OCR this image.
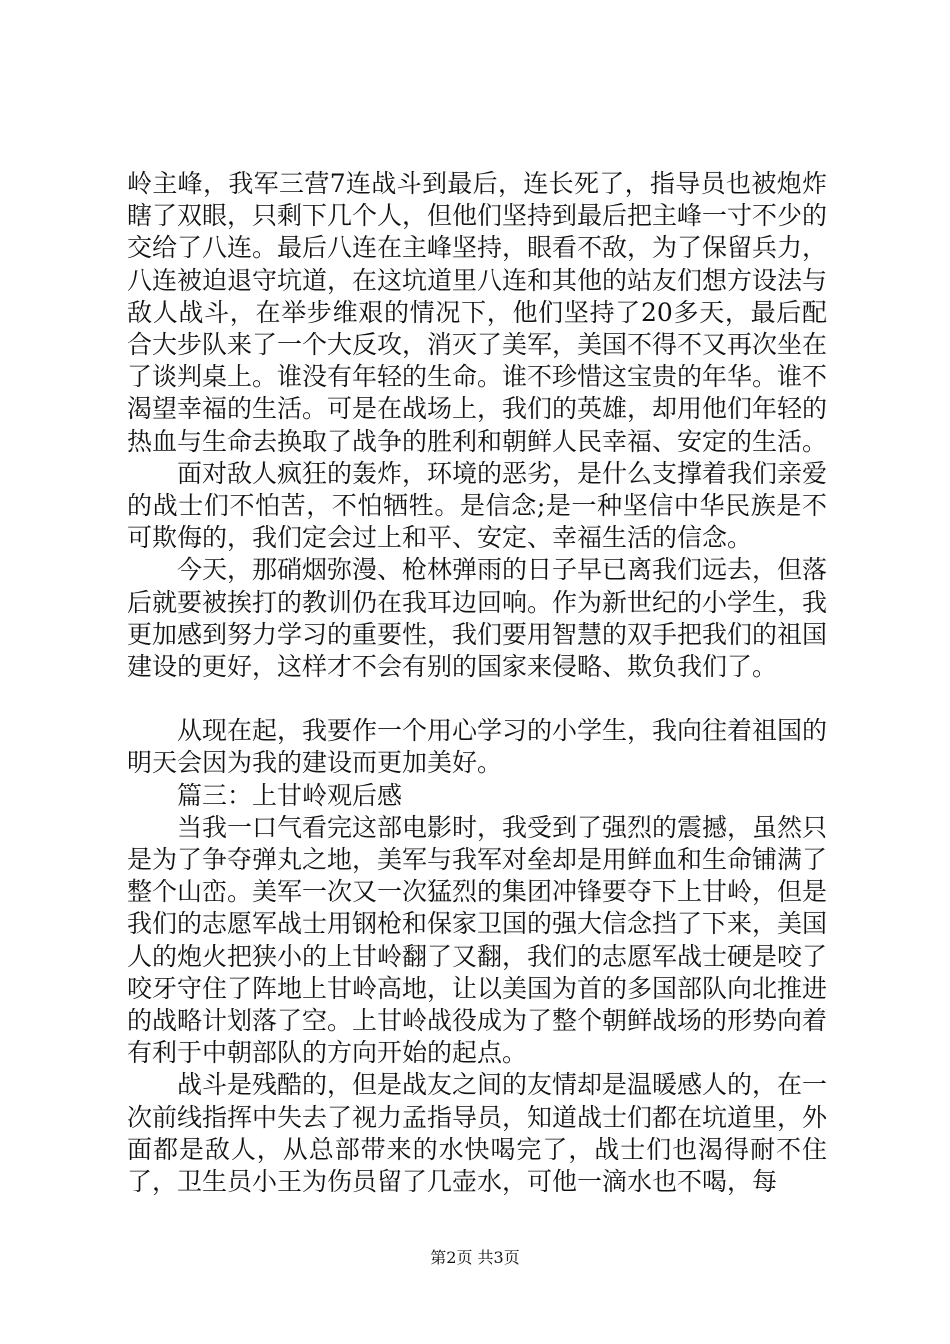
岭主峰，我军三营7连战斗到最后，连长死了，指导员也被炮炸瞎了双眼，只剩下几个人，但他们坚持到最后把主峰一寸不少的交给了八连。最后八连在主峰坚持，眼看不敌，为了保留兵力，八连被迫退守坑道，在这坑道里八连和其他的站友们想方设法与敌人战斗，在举步维艰的情况下，他们坚持了20多天，最后配合大步队来了一个大反攻，消灭了美军，美国不得不又再次坐在了谈判桌上。谁没有年轻的生命。谁不珍惜这宝贵的年华。谁不渴望幸福的生活。可是在战场上，我们的英雄，却用他们年轻的热血与生命去换取了战争的胜利和朝鲜人民幸福、安定的生活。

面对敌人疯狂的轰炸，环境的恶劣，是什么支撑着我们亲爱的战士们不怕苦，不怕牺牲。是信念;是一种坚信中华民族是不可欺侮的，我们定会过上和平、安定、幸福生活的信念。

今天，那硝烟弥漫、枪林弹雨的日子早已离我们远去，但落后就要被挨打的教训仍在我耳边回响。作为新世纪的小学生，我更加感到努力学习的重要性，我们要用智慧的双手把我们的祖国建设的更好，这样才不会有别的国家来侵略、欺负我们了。

从现在起，我要作一个用心学习的小学生，我向往着祖国的明天会因为我的建设而更加美好。

篇三：上甘岭观后感

当我一口气看完这部电影时，我受到了强烈的震撼，虽然只是为了争夺弹丸之地，美军与我军对垒却是用鲜血和生命铺满了整个山峦。美军一次又一次猛烈的集团冲锋要夺下上甘岭，但是我们的志愿军战士用钢枪和保家卫国的强大信念挡了下来，美国人的炮火把狭小的上甘岭翻了又翻，我们的志愿军战士硬是咬了咬牙守住了阵地上甘岭高地，让以美国为首的多国部队向北推进的战略计划落了空。上甘岭战役成为了整个朝鲜战场的形势向着有利于中朝部队的方向开始的起点。

战斗是残酷的，但是战友之间的友情却是温暖感人的，在一次前线指挥中失去了视力孟指导员，知道战士们都在坑道里，外面都是敌人，从总部带来的水快喝完了，战士们也渴得耐不住了，卫生员小王为伤员留了几壶水，可他一滴水也不喝，每

第2页 共3页
